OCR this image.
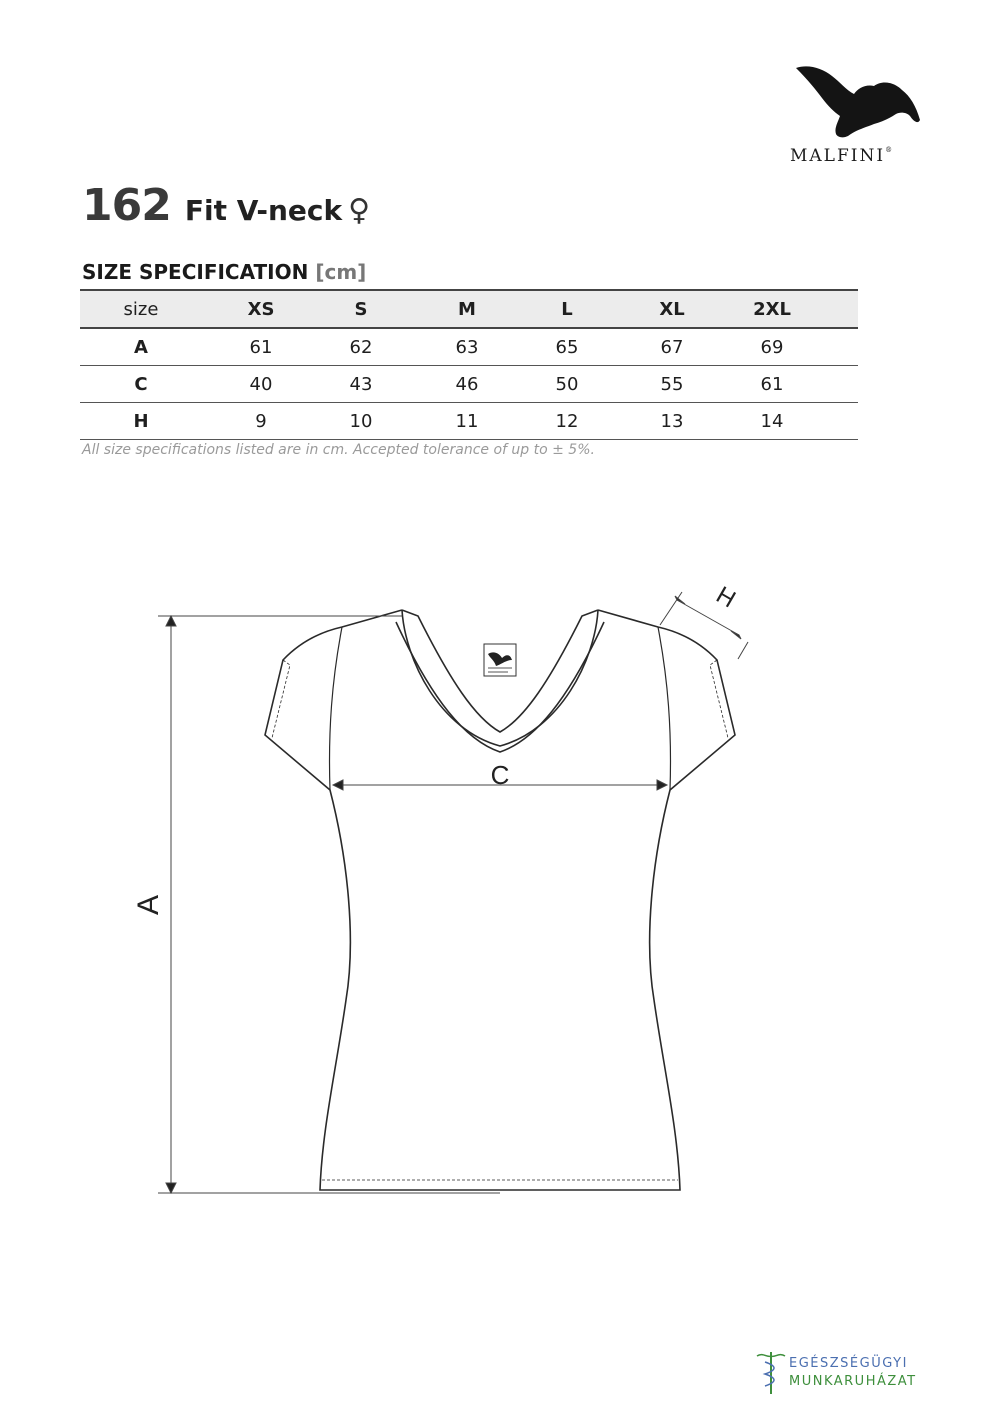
MALFINI®
162 Fit V-neck ♀
SIZE SPECIFICATION [cm]
size	XS	S	M	L	XL	2XL	
A	61	62	63	65	67	69	
C	40	43	46	50	55	61	
H	9	10	11	12	13	14	
All size specifications listed are in cm. Accepted tolerance of up to ± 5%.
C
A
H
EGÉSZSÉGÜGYI
MUNKARUHÁZAT
